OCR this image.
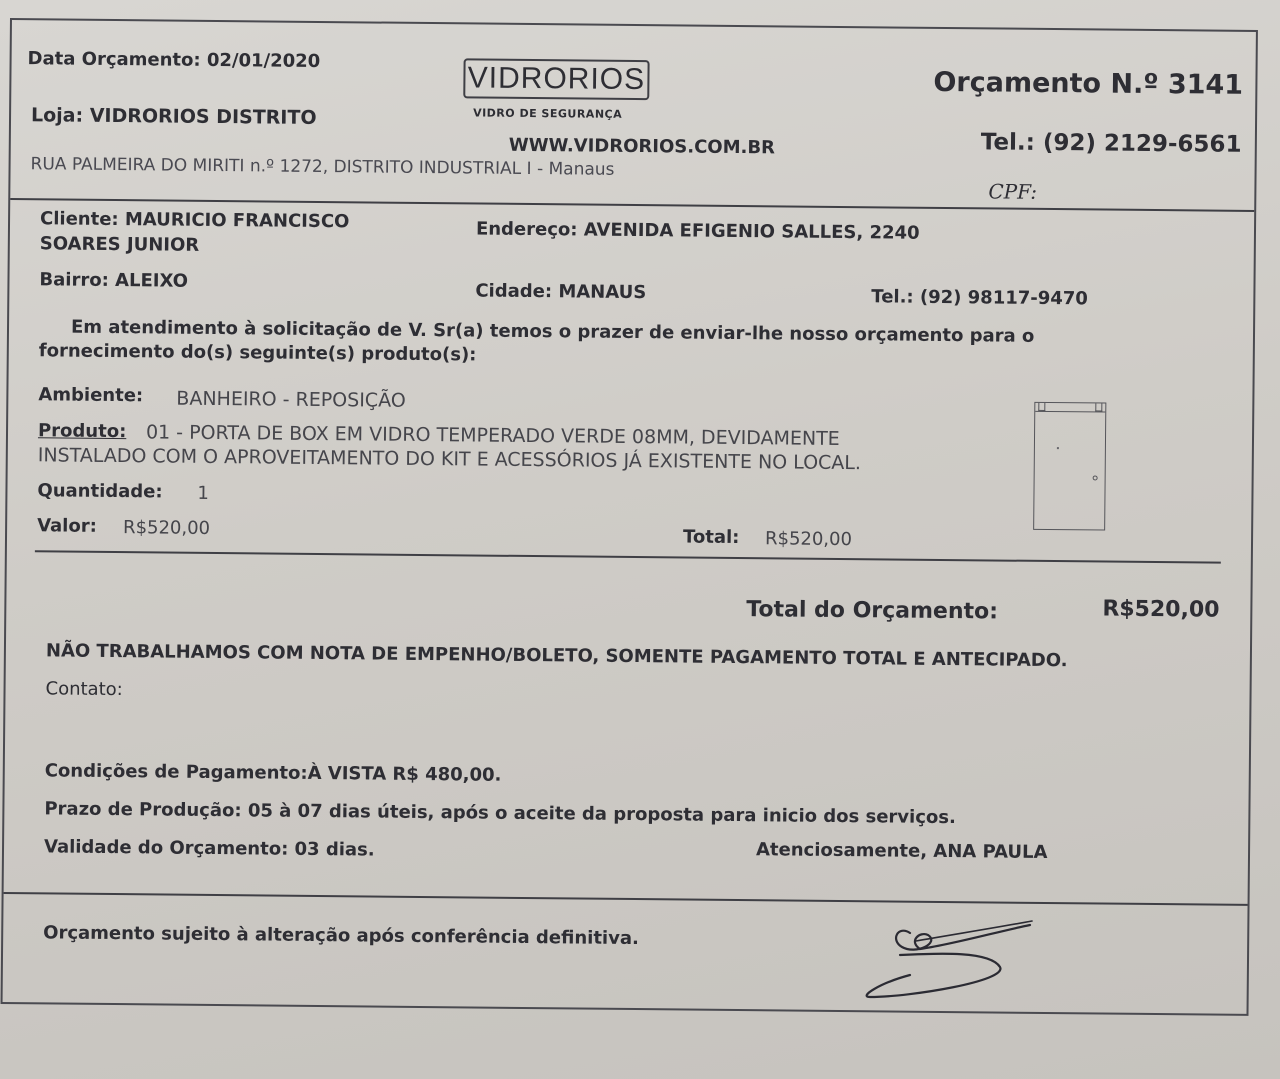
Data Orçamento: 02/01/2020
Loja: VIDRORIOS DISTRITO
RUA PALMEIRA DO MIRITI n.º 1272, DISTRITO INDUSTRIAL I - Manaus
VIDRORIOS
VIDRO DE SEGURANÇA
WWW.VIDRORIOS.COM.BR
Orçamento N.º 3141
Tel.: (92) 2129-6561
CPF:
Cliente: MAURICIO FRANCISCO
SOARES JUNIOR
Endereço: AVENIDA EFIGENIO SALLES, 2240
Bairro: ALEIXO	Cidade: MANAUS	Tel.: (92) 98117-9470
Em atendimento à solicitação de V. Sr(a) temos o prazer de enviar-lhe nosso orçamento para o
fornecimento do(s) seguinte(s) produto(s):
Ambiente: BANHEIRO - REPOSIÇÃO
Produto: 01 - PORTA DE BOX EM VIDRO TEMPERADO VERDE 08MM, DEVIDAMENTE
INSTALADO COM O APROVEITAMENTO DO KIT E ACESSÓRIOS JÁ EXISTENTE NO LOCAL.
Quantidade: 1
Valor: R$520,00	Total: R$520,00
Total do Orçamento:	R$520,00
NÃO TRABALHAMOS COM NOTA DE EMPENHO/BOLETO, SOMENTE PAGAMENTO TOTAL E ANTECIPADO.
Contato:
Condições de Pagamento:À VISTA R$ 480,00.
Prazo de Produção: 05 à 07 dias úteis, após o aceite da proposta para inicio dos serviços.
Validade do Orçamento: 03 dias.	Atenciosamente, ANA PAULA
Orçamento sujeito à alteração após conferência definitiva.
